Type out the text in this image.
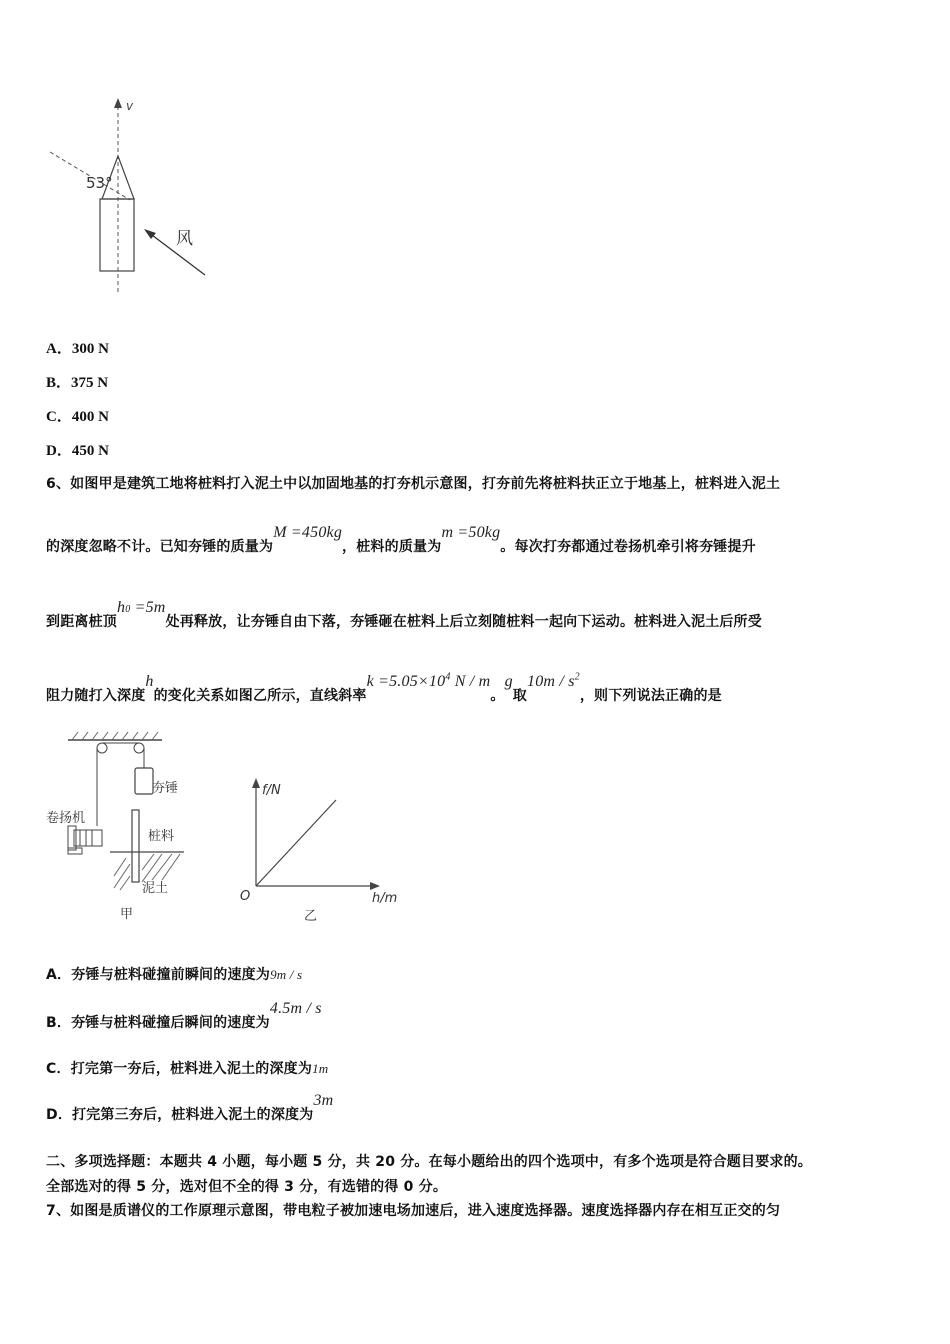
v
53°
风
A．300 N
B．375 N
C．400 N
D．450 N
6、如图甲是建筑工地将桩料打入泥土中以加固地基的打夯机示意图，打夯前先将桩料扶正立于地基上，桩料进入泥土
的深度忽略不计。已知夯锤的质量为M =450kg，桩料的质量为m =50kg。每次打夯都通过卷扬机牵引将夯锤提升
到距离桩顶h0 =5m处再释放，让夯锤自由下落，夯锤砸在桩料上后立刻随桩料一起向下运动。桩料进入泥土后所受
阻力随打入深度h的变化关系如图乙所示，直线斜率$k =5.05\times 10^4$ N / m。g取$10m / s^2$，则下列说法正确的是
夯锤
卷扬机
桩料
泥土
甲
f/N
h/m
O
乙
A．夯锤与桩料碰撞前瞬间的速度为9m / s
B．夯锤与桩料碰撞后瞬间的速度为4.5m / s
C．打完第一夯后，桩料进入泥土的深度为1m
D．打完第三夯后，桩料进入泥土的深度为3m
二、多项选择题：本题共 4 小题，每小题 5 分，共 20 分。在每小题给出的四个选项中，有多个选项是符合题目要求的。
全部选对的得 5 分，选对但不全的得 3 分，有选错的得 0 分。
7、如图是质谱仪的工作原理示意图，带电粒子被加速电场加速后，进入速度选择器。速度选择器内存在相互正交的匀
